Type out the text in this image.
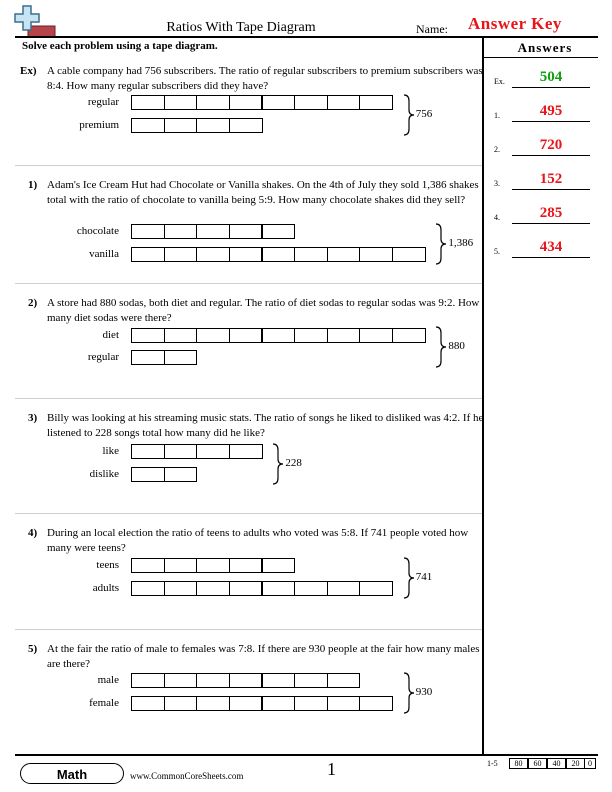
Ratios With Tape Diagram	Name: Answer Key
Solve each problem using a tape diagram.	Answers
Ex.	504
1.	495
2.	720
3.	152
4.	285
5.	434
Ex) A cable company had 756 subscribers. The ratio of regular subscribers to premium subscribers was 8:4. How many regular subscribers did they have?
regular
premium
756
1) Adam's Ice Cream Hut had Chocolate or Vanilla shakes. On the 4th of July they sold 1,386 shakes total with the ratio of chocolate to vanilla being 5:9. How many chocolate shakes did they sell?
chocolate
vanilla
1,386
2) A store had 880 sodas, both diet and regular. The ratio of diet sodas to regular sodas was 9:2. How many diet sodas were there?
diet
regular
880
3) Billy was looking at his streaming music stats. The ratio of songs he liked to disliked was 4:2. If he listened to 228 songs total how many did he like?
like
dislike
228
4) During an local election the ratio of teens to adults who voted was 5:8. If 741 people voted how many were teens?
teens
adults
741
5) At the fair the ratio of male to females was 7:8. If there are 930 people at the fair how many males are there?
male
female
930
Math	www.CommonCoreSheets.com	1	1-5	80	60	40	20	0
